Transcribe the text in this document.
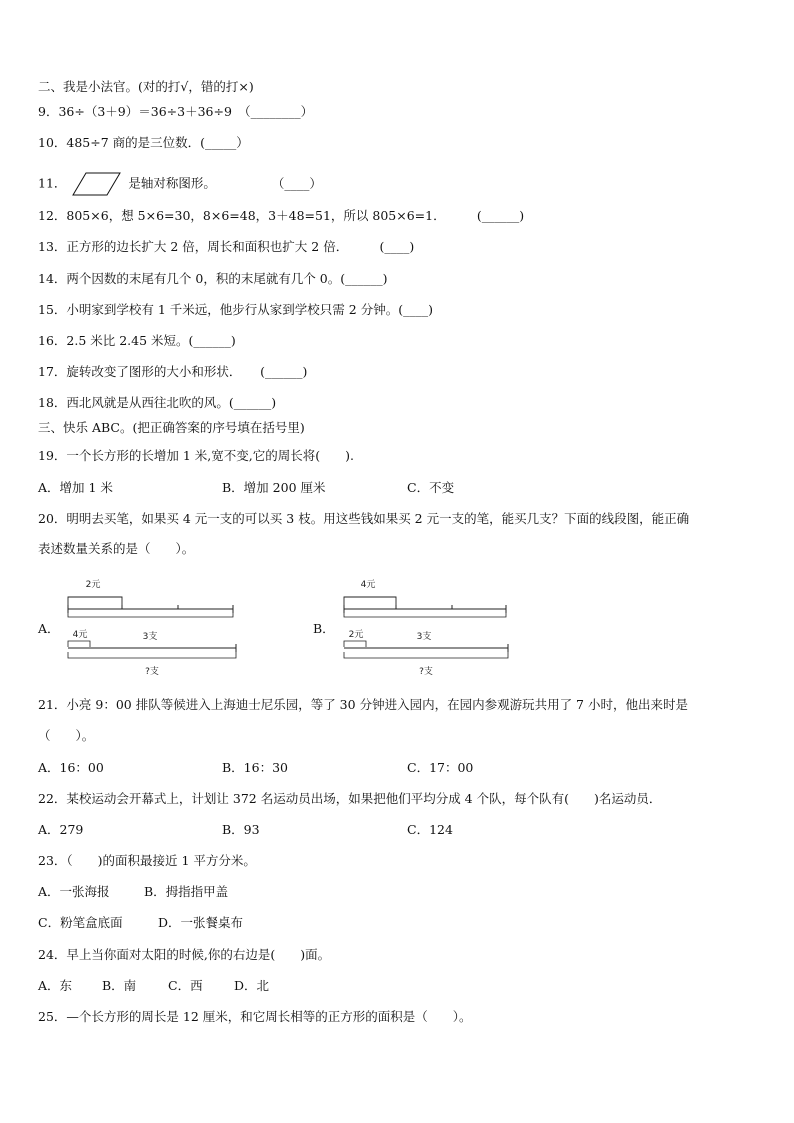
二、我是小法官。(对的打√，错的打×)
9．36÷（3＋9）＝36÷3＋36÷9　（________）
10．485÷7 商的是三位数．(_____）
11．	是轴对称图形。	（____）
12．805×6，想 5×6=30，8×6=48，3＋48=51，所以 805×6=1．　　　(______)
13．正方形的边长扩大 2 倍，周长和面积也扩大 2 倍．　　　(____)
14．两个因数的末尾有几个 0，积的末尾就有几个 0。(______)
15．小明家到学校有 1 千米远，他步行从家到学校只需 2 分钟。(____)
16．2.5 米比 2.45 米短。(______)
17．旋转改变了图形的大小和形状．　　(______)
18．西北风就是从西往北吹的风。(______)
三、快乐 ABC。(把正确答案的序号填在括号里)
19．一个长方形的长增加 1 米,宽不变,它的周长将(　　).
A．增加 1 米	B．增加 200 厘米	C．不变
20．明明去买笔，如果买 4 元一支的可以买 3 枝。用这些钱如果买 2 元一支的笔，能买几支？下面的线段图，能正确
表述数量关系的是（　　）。
A．
2元
3支
4元
?支
B．
4元
3支
2元
?支
21．小亮 9：00 排队等候进入上海迪士尼乐园，等了 30 分钟进入园内，在园内参观游玩共用了 7 小时，他出来时是
（　　）。
A．16：00	B．16：30	C．17：00
22．某校运动会开幕式上，计划让 372 名运动员出场，如果把他们平均分成 4 个队，每个队有(　　)名运动员．
A．279	B．93	C．124
23．（　　)的面积最接近 1 平方分米。
A．一张海报	B．拇指指甲盖
C．粉笔盒底面	D．一张餐桌布
24．早上当你面对太阳的时候,你的右边是(　　)面。
A．东 B．南	C．西	D．北
25．—个长方形的周长是 12 厘米，和它周长相等的正方形的面积是（　　）。
